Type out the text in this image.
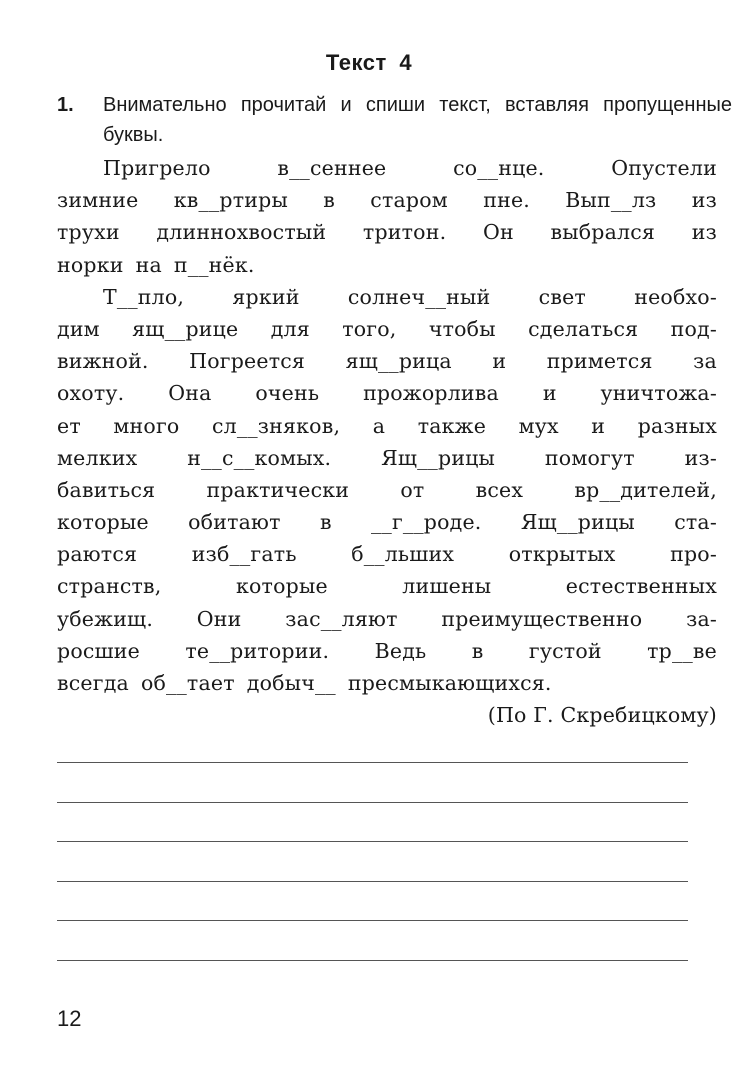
Текст 4
1. Внимательно прочитай и спиши текст, вставляя пропущенные буквы.
Пригрело	в__сеннее	со__нце.	Опустели
зимние кв__ртиры в старом пне. Вып__лз из
трухи длиннохвостый тритон. Он выбрался из
норки на п__нёк.
Т__пло, яркий солнеч__ный свет необхо-
дим ящ__рице для того, чтобы сделаться под-
вижной. Погреется ящ__рица и примется за
охоту. Она очень прожорлива и уничтожа-
ет много сл__зняков, а также мух и разных
мелких н__с__комых. Ящ__рицы помогут из-
бавиться практически от всех вр__дителей,
которые обитают в __г__роде. Ящ__рицы ста-
раются	изб__гать	б__льших	открытых	про-
странств,	которые	лишены	естественных
убежищ. Они зас__ляют преимущественно за-
росшие те__ритории. Ведь в густой тр__ве
всегда об__тает добыч__ пресмыкающихся.
(По Г. Скребицкому)
12
